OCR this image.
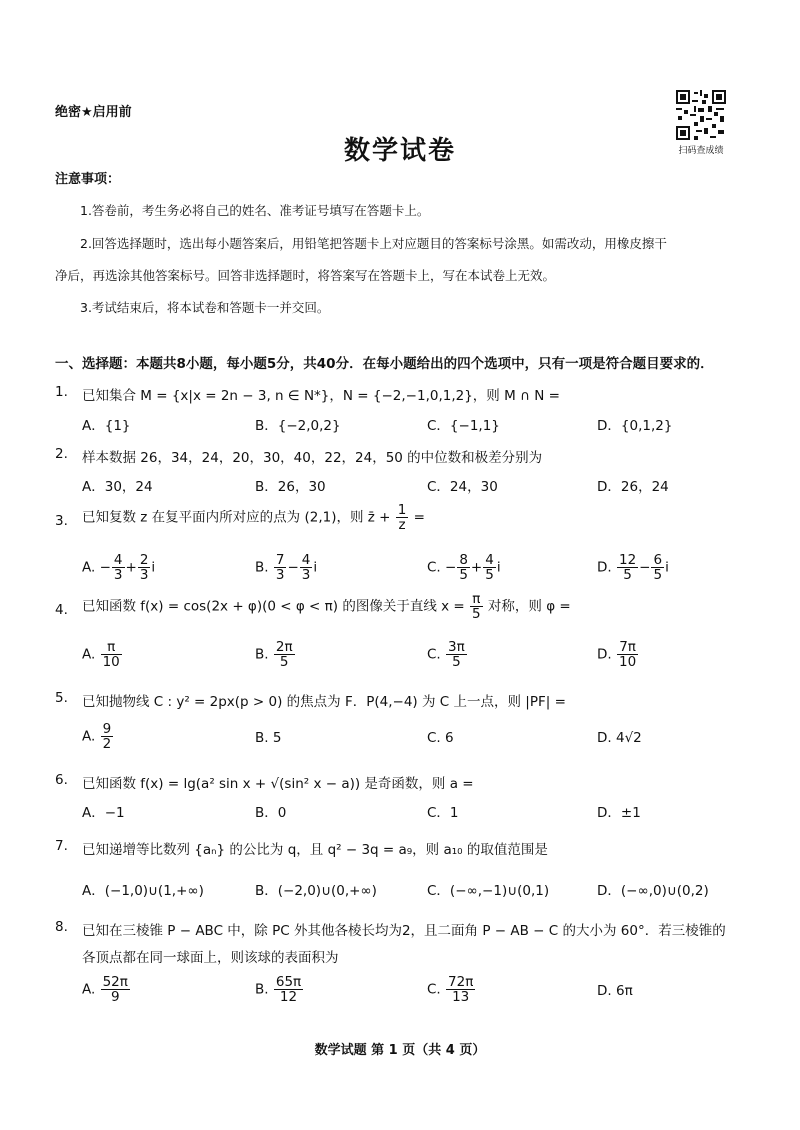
绝密★启用前
扫码查成绩
数学试卷
注意事项：
1.答卷前，考生务必将自己的姓名、准考证号填写在答题卡上。
2.回答选择题时，选出每小题答案后，用铅笔把答题卡上对应题目的答案标号涂黑。如需改动，用橡皮擦干
净后，再选涂其他答案标号。回答非选择题时，将答案写在答题卡上，写在本试卷上无效。
3.考试结束后，将本试卷和答题卡一并交回。
一、选择题：本题共8小题，每小题5分，共40分．在每小题给出的四个选项中，只有一项是符合题目要求的．
1.	已知集合 M = {x|x = 2n − 3, n ∈ N*}，N = {−2,−1,0,1,2}，则 M ∩ N =
A．{1}	B．{−2,0,2}	C．{−1,1}	D．{0,1,2}
2.	样本数据 26，34，24，20，30，40，22，24，50 的中位数和极差分别为
A．30，24	B．26，30	C．24，30	D．26，24
3.	已知复数 z 在复平面内所对应的点为 (2,1)，则 z̄ + $\frac{1}{z}$ =
A. − $\frac{4}{3} + \frac{2}{3}$ i	B. $\frac{7}{3} - \frac{4}{3}$ i	C. − $\frac{8}{5} + \frac{4}{5}$ i	D. $\frac{12}{5} - \frac{6}{5}$ i
4.	已知函数 f(x) = cos(2x + φ)(0 < φ < π) 的图像关于直线 $x = \frac{\pi}{5}$ 对称，则 φ =
A. $\frac{\pi}{10}$	B. $\frac{2\pi}{5}$	C. $\frac{3\pi}{5}$	D. $\frac{7\pi}{10}$
5.	已知抛物线 C : y² = 2px(p > 0) 的焦点为 F．P(4,−4) 为 C 上一点，则 |PF| =
A. $\frac{9}{2}$	B. 5	C. 6	D. 4√2
6.	已知函数 f(x) = lg(a² sin x + √(sin² x − a)) 是奇函数，则 a =
A．−1	B．0	C．1	D．±1
7.	已知递增等比数列 {aₙ} 的公比为 q，且 q² − 3q = a₉，则 a₁₀ 的取值范围是
A．(−1,0)∪(1,+∞)	B．(−2,0)∪(0,+∞)	C．(−∞,−1)∪(0,1)	D．(−∞,0)∪(0,2)
8.	已知在三棱锥 P − ABC 中，除 PC 外其他各棱长均为2，且二面角 P − AB − C 的大小为 60°．若三棱锥的
各顶点都在同一球面上，则该球的表面积为
A. $\frac{52\pi}{9}$	B. $\frac{65\pi}{12}$	C. $\frac{72\pi}{13}$	D. 6π
数学试题 第 1 页（共 4 页）
